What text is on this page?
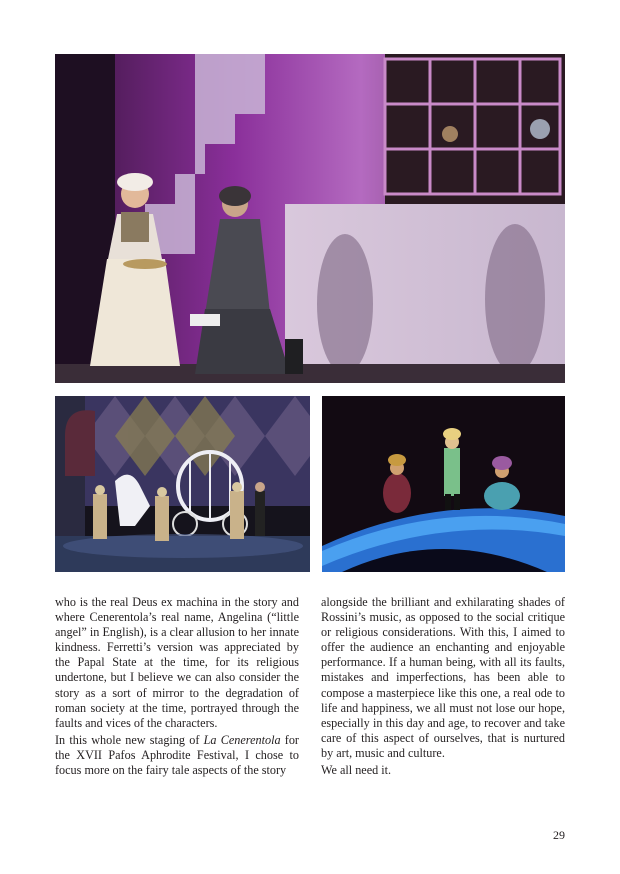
who is the real Deus ex machina in the story and where Cenerentola’s real name, Angelina (“little angel” in English), is a clear allusion to her innate kindness. Ferretti’s version was appreciated by the Papal State at the time, for its religious undertone, but I believe we can also consider the story as a sort of mirror to the degradation of roman society at the time, portrayed through the faults and vices of the characters.

In this whole new staging of La Cenerentola for the XVII Pafos Aphrodite Festival, I chose to focus more on the fairy tale aspects of the story

alongside the brilliant and exhilarating shades of Rossini’s music, as opposed to the social critique or religious considerations. With this, I aimed to offer the audience an enchanting and enjoyable performance. If a human being, with all its faults, mistakes and imperfections, has been able to compose a masterpiece like this one, a real ode to life and happiness, we all must not lose our hope, especially in this day and age, to recover and take care of this aspect of ourselves, that is nurtured by art, music and culture.

We all need it.

29
